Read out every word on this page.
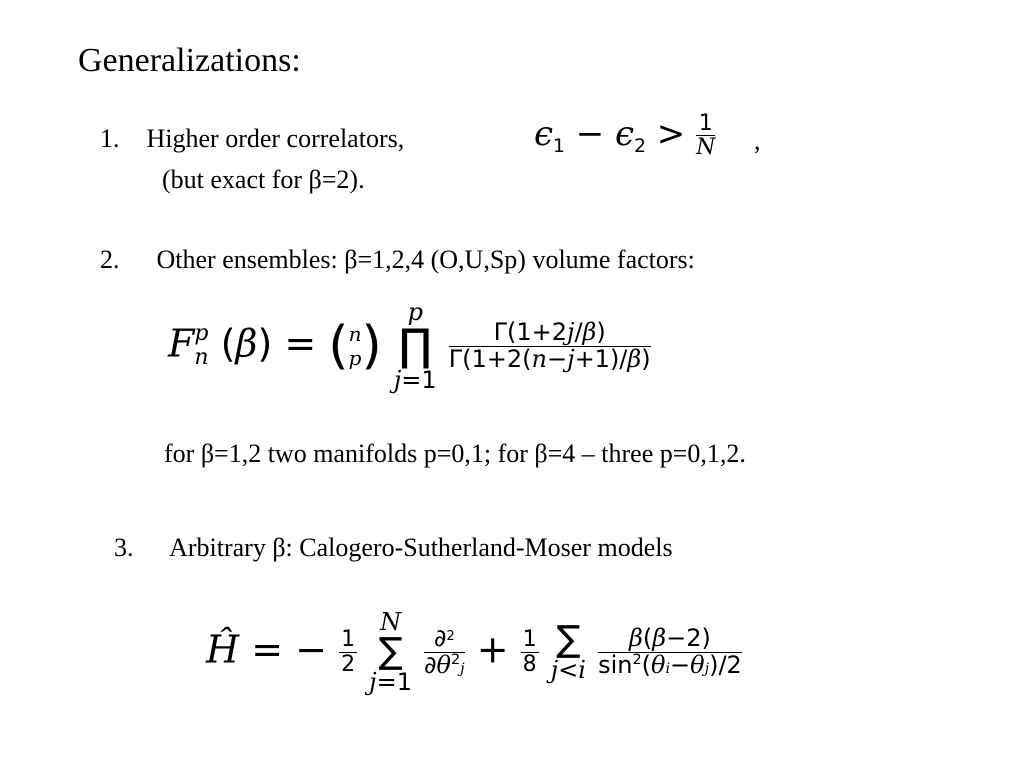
Generalizations:
1. Higher order correlators,
(but exact for β=2).
$\epsilon 1 - \epsilon 2 > \frac{1}{N}$ ,
2. Other ensembles: β=1,2,4 (O,U,Sp) volume factors:
F p
n (β) = ( n
p )
p
∏
j=1

$\frac{\Gamma(1+2j/\beta)}{\Gamma(1+2(n-j+1)/\beta)}$
for β=1,2 two manifolds p=0,1; for β=4 – three p=0,1,2.
3. Arbitrary β: Calogero-Sutherland-Moser models
Ĥ = − $\frac{1}{2}$

N
∑
j=1

$\frac{\partial^2}{\partial\theta^2j} + \frac{1}{8}$
∑
j<i
$\frac{\beta(\beta-2)}{\sin^2(\theta i-\theta j)/2}$
